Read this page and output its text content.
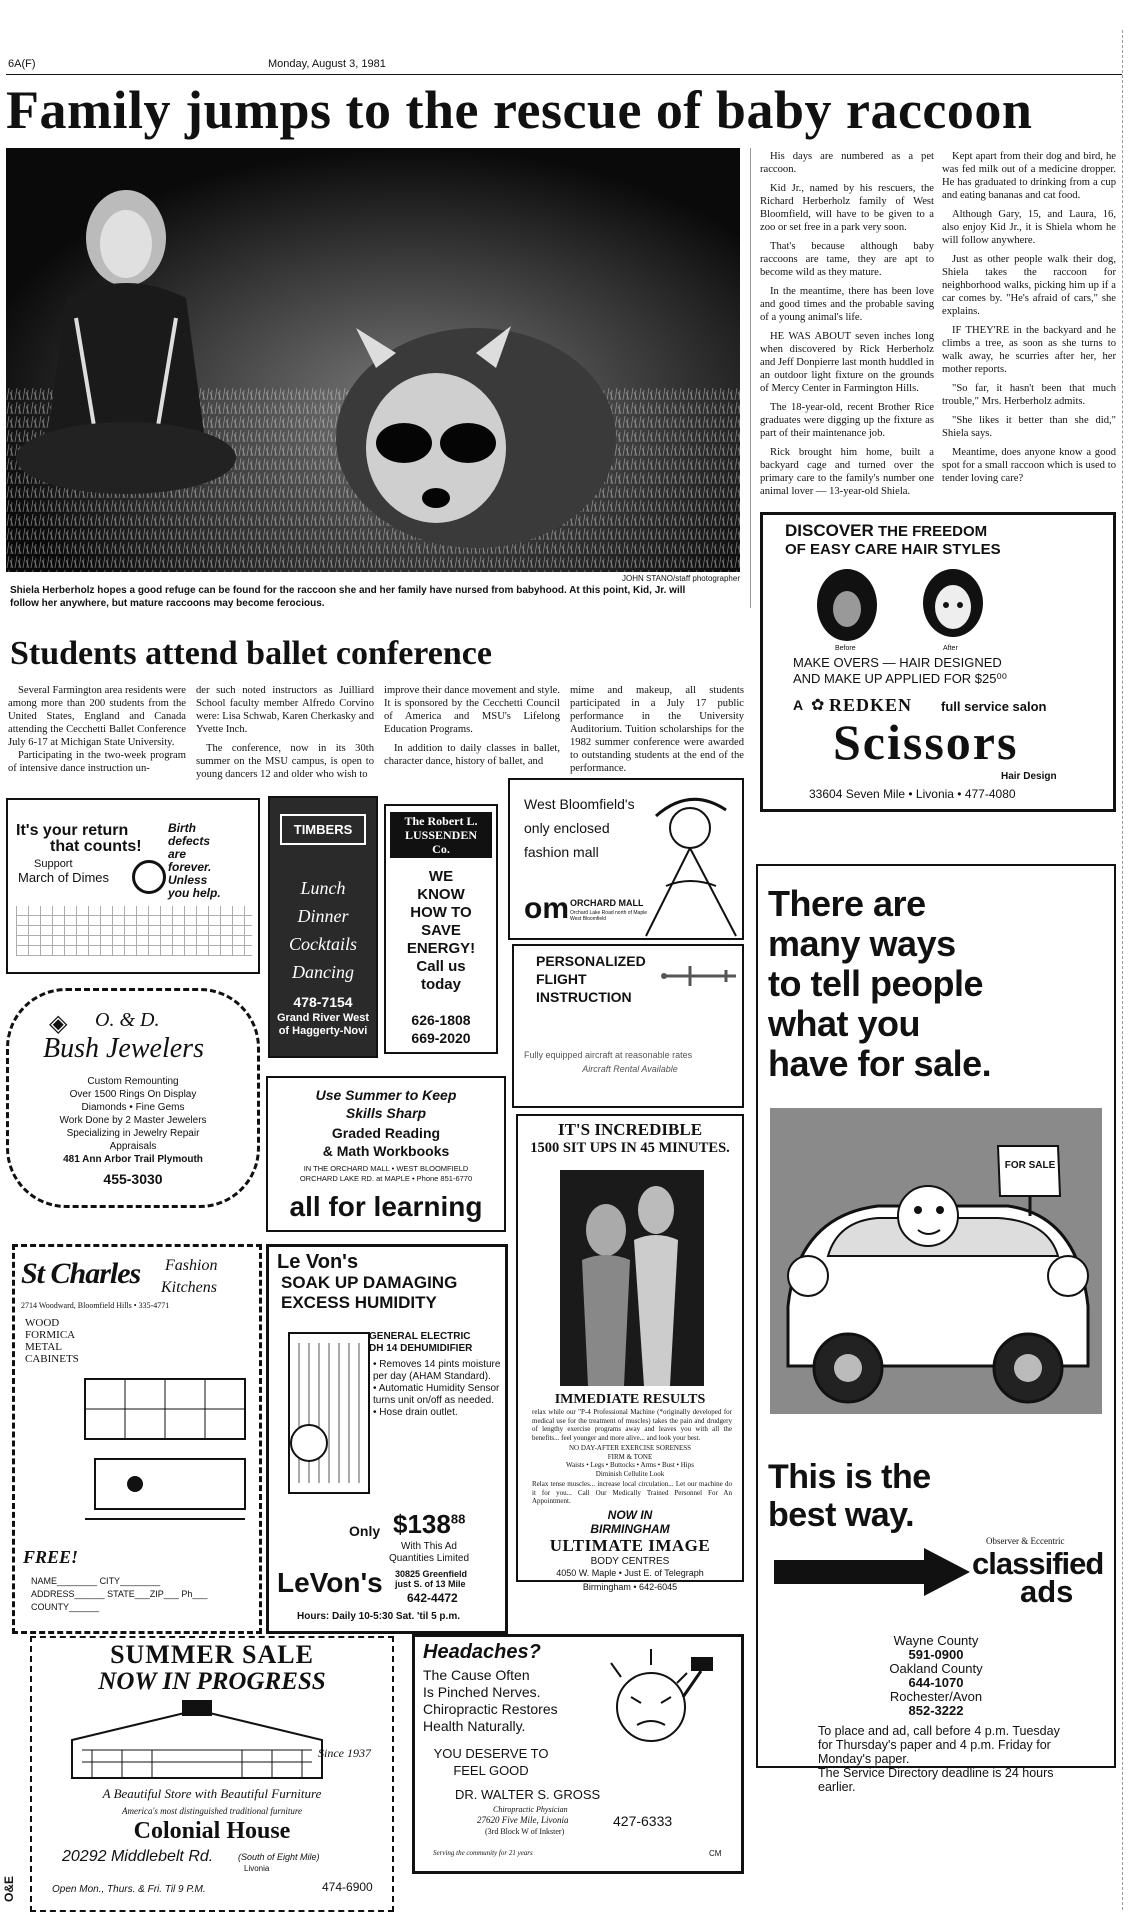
6A(F)	Monday, August 3, 1981
Family jumps to the rescue of baby raccoon
JOHN STANO/staff photographer
Shiela Herberholz hopes a good refuge can be found for the raccoon she and her family have nursed from babyhood. At this point, Kid, Jr. will
follow her anywhere, but mature raccoons may become ferocious.

His days are numbered as a pet raccoon.

Kid Jr., named by his rescuers, the Richard Herberholz family of West Bloomfield, will have to be given to a zoo or set free in a park very soon.

That's because although baby raccoons are tame, they are apt to become wild as they mature.

In the meantime, there has been love and good times and the probable saving of a young animal's life.

HE WAS ABOUT seven inches long when discovered by Rick Herberholz and Jeff Donpierre last month huddled in an outdoor light fixture on the grounds of Mercy Center in Farmington Hills.

The 18-year-old, recent Brother Rice graduates were digging up the fixture as part of their maintenance job.

Rick brought him home, built a backyard cage and turned over the primary care to the family's number one animal lover — 13-year-old Shiela.

Kept apart from their dog and bird, he was fed milk out of a medicine dropper. He has graduated to drinking from a cup and eating bananas and cat food.

Although Gary, 15, and Laura, 16, also enjoy Kid Jr., it is Shiela whom he will follow anywhere.

Just as other people walk their dog, Shiela takes the raccoon for neighborhood walks, picking him up if a car comes by. "He's afraid of cars," she explains.

IF THEY'RE in the backyard and he climbs a tree, as soon as she turns to walk away, he scurries after her, her mother reports.

"So far, it hasn't been that much trouble," Mrs. Herberholz admits.

"She likes it better than she did," Shiela says.

Meantime, does anyone know a good spot for a small raccoon which is used to tender loving care?

Students attend ballet conference

Several Farmington area residents were among more than 200 students from the United States, England and Canada attending the Cecchetti Ballet Conference July 6-17 at Michigan State University.

Participating in the two-week program of intensive dance instruction un-

der such noted instructors as Juilliard School faculty member Alfredo Corvino were: Lisa Schwab, Karen Cherkasky and Yvette Inch.

The conference, now in its 30th summer on the MSU campus, is open to young dancers 12 and older who wish to

improve their dance movement and style. It is sponsored by the Cecchetti Council of America and MSU's Lifelong Education Programs.

In addition to daily classes in ballet, character dance, history of ballet, and

mime and makeup, all students participated in a July 17 public performance in the University Auditorium. Tuition scholarships for the 1982 summer conference were awarded to outstanding students at the end of the performance.

DISCOVER THE FREEDOM
OF EASY CARE HAIR STYLES
Before	After
MAKE OVERS — HAIR DESIGNED
AND MAKE UP APPLIED FOR $25⁰⁰
A ✿ REDKEN full service salon
Scissors
Hair Design
33604 Seven Mile • Livonia • 477-4080
It's your return
that counts!
Support
March of Dimes
Birth
defects
are
forever.
Unless
you help.
TIMBERS
Lunch
Dinner
Cocktails
Dancing
478-7154
Grand River West of Haggerty-Novi
The Robert L.
LUSSENDEN
Co.
WE
KNOW
HOW TO
SAVE
ENERGY!
Call us
today
626-1808
669-2020
West Bloomfield's
only enclosed
fashion mall
om ORCHARD MALL
Orchard Lake Road north of Maple West Bloomfield
PERSONALIZED
FLIGHT
INSTRUCTION
Fully equipped aircraft at reasonable rates
Aircraft Rental Available
◈ O. & D.
Bush Jewelers
Custom Remounting
Over 1500 Rings On Display
Diamonds • Fine Gems
Work Done by 2 Master Jewelers
Specializing in Jewelry Repair
Appraisals
481 Ann Arbor Trail Plymouth
455-3030
Use Summer to Keep
Skills Sharp
Graded Reading
& Math Workbooks
IN THE ORCHARD MALL • WEST BLOOMFIELD
ORCHARD LAKE RD. at MAPLE • Phone 851-6770
all for learning
IT'S INCREDIBLE
1500 SIT UPS IN 45 MINUTES.
IMMEDIATE RESULTS
relax while our "P-4 Professional Machine (*originally developed for medical use for the treatment of muscles) takes the pain and drudgery of lengthy exercise programs away and leaves you with all the benefits... feel younger and more alive... and look your best.
NO DAY-AFTER EXERCISE SORENESS
FIRM & TONE
Waists • Legs • Buttocks • Arms • Bust • Hips
Diminish Cellulite Look
Relax tense muscles... increase local circulation... Let our machine do it for you... Call Our Medically Trained Personnel For An Appointment.
NOW IN
BIRMINGHAM
ULTIMATE IMAGE
BODY CENTRES
4050 W. Maple • Just E. of Telegraph
Birmingham • 642-6045
There are
many ways
to tell people
what you
have for sale.
FOR SALE
This is the
best way.
Observer & Eccentric
classified
ads
Wayne County
591-0900
Oakland County
644-1070
Rochester/Avon
852-3222
To place and ad, call before 4 p.m. Tuesday
for Thursday's paper and 4 p.m. Friday for
Monday's paper.
The Service Directory deadline is 24 hours
earlier.
St Charles Fashion
Kitchens
2714 Woodward, Bloomfield Hills • 335-4771
WOOD
FORMICA
METAL
CABINETS
FREE!
NAME________ CITY________
ADDRESS______ STATE___ZIP___ Ph___
COUNTY______
Le Von's
SOAK UP DAMAGING
EXCESS HUMIDITY
GENERAL ELECTRIC
DH 14 DEHUMIDIFIER
• Removes 14 pints moisture per day (AHAM Standard).
• Automatic Humidity Sensor turns unit on/off as needed.
• Hose drain outlet.
Only $\$138^{88}$
With This Ad
Quantities Limited
LeVon's 30825 Greenfield
just S. of 13 Mile
642-4472
Hours: Daily 10-5:30 Sat. 'til 5 p.m.
SUMMER SALE
NOW IN PROGRESS
Since 1937
A Beautiful Store with Beautiful Furniture
America's most distinguished traditional furniture
Colonial House
20292 Middlebelt Rd.	(South of Eight Mile)
Livonia
Open Mon., Thurs. & Fri. Til 9 P.M.	474-6900
Headaches?
The Cause Often
Is Pinched Nerves.
Chiropractic Restores
Health Naturally.
YOU DESERVE TO
FEEL GOOD
DR. WALTER S. GROSS
Chiropractic Physician
27620 Five Mile, Livonia
(3rd Block W of Inkster)
427-6333
Serving the community for 21 years	CM
O&E
